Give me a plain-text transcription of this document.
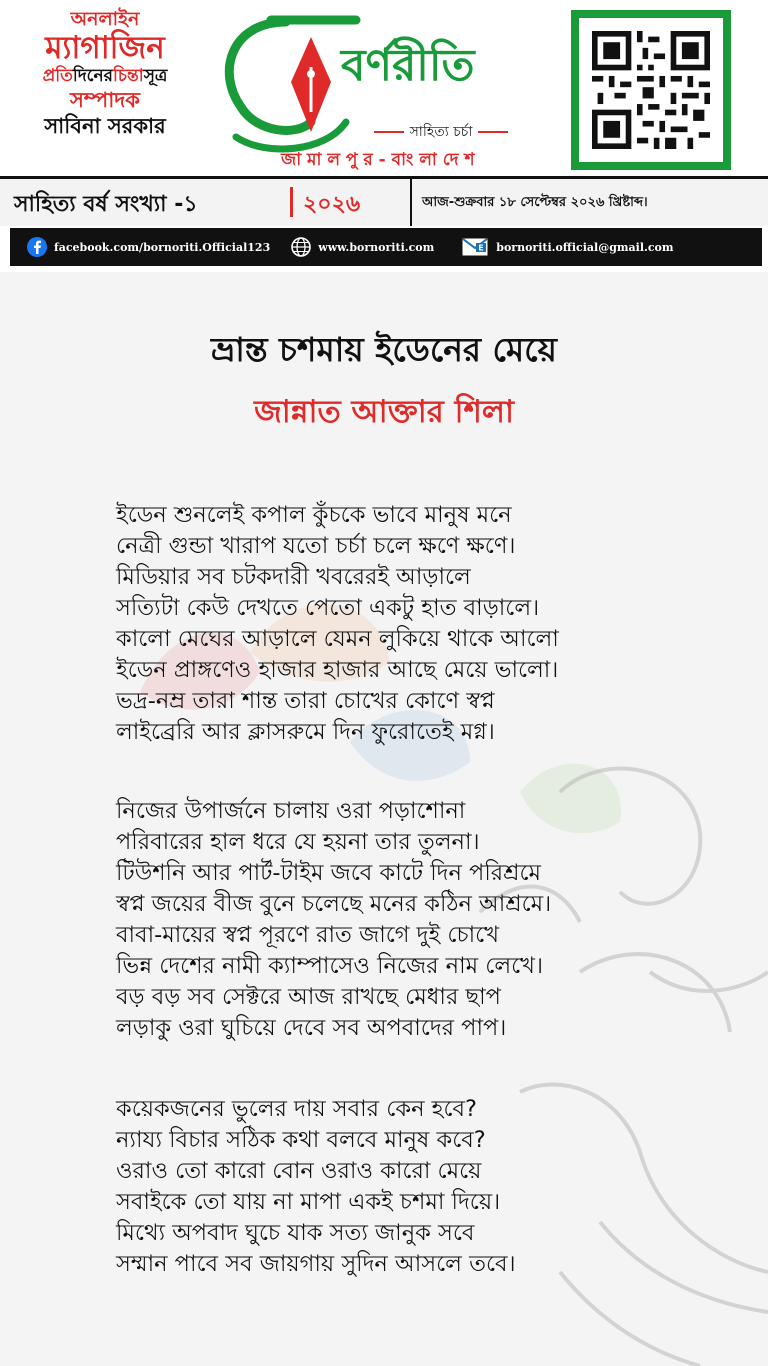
অনলাইন
ম্যাগাজিন
প্রতিদিনেরচিন্তাসূত্র
সম্পাদক
সাবিনা সরকার
বর্ণরীতি
সাহিত্য চর্চা
জা মা ল পু র - বাং লা দে শ
সাহিত্য বর্ষ সংখ্যা -১	২০২৬	আজ-শুক্রবার ১৮ সেপ্টেম্বর ২০২৬ খ্রিষ্টাব্দ।
facebook.com/bornoriti.Official123	www.bornoriti.com	E bornoriti.official@gmail.com
ভ্রান্ত চশমায় ইডেনের মেয়ে
জান্নাত আক্তার শিলা
ইডেন শুনলেই কপাল কুঁচকে ভাবে মানুষ মনে
নেত্রী গুন্ডা খারাপ যতো চর্চা চলে ক্ষণে ক্ষণে।
মিডিয়ার সব চটকদারী খবরেরই আড়ালে
সত্যিটা কেউ দেখতে পেতো একটু হাত বাড়ালে।
কালো মেঘের আড়ালে যেমন লুকিয়ে থাকে আলো
ইডেন প্রাঙ্গণেও হাজার হাজার আছে মেয়ে ভালো।
ভদ্র-নম্র তারা শান্ত তারা চোখের কোণে স্বপ্ন
লাইব্রেরি আর ক্লাসরুমে দিন ফুরোতেই মগ্ন।
নিজের উপার্জনে চালায় ওরা পড়াশোনা
পরিবারের হাল ধরে যে হয়না তার তুলনা।
টিউশনি আর পার্ট-টাইম জবে কাটে দিন পরিশ্রমে
স্বপ্ন জয়ের বীজ বুনে চলেছে মনের কঠিন আশ্রমে।
বাবা-মায়ের স্বপ্ন পূরণে রাত জাগে দুই চোখে
ভিন্ন দেশের নামী ক্যাম্পাসেও নিজের নাম লেখে।
বড় বড় সব সেক্টরে আজ রাখছে মেধার ছাপ
লড়াকু ওরা ঘুচিয়ে দেবে সব অপবাদের পাপ।
কয়েকজনের ভুলের দায় সবার কেন হবে?
ন্যায্য বিচার সঠিক কথা বলবে মানুষ কবে?
ওরাও তো কারো বোন ওরাও কারো মেয়ে
সবাইকে তো যায় না মাপা একই চশমা দিয়ে।
মিথ্যে অপবাদ ঘুচে যাক সত্য জানুক সবে
সম্মান পাবে সব জায়গায় সুদিন আসলে তবে।
